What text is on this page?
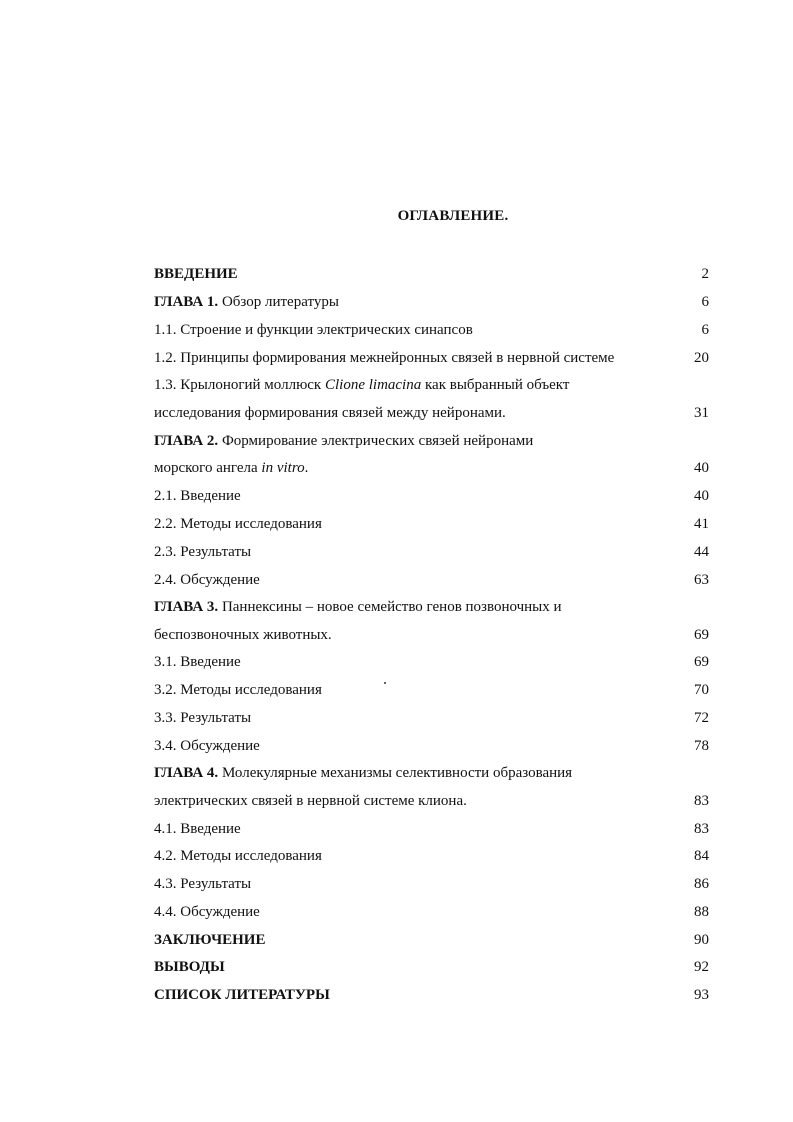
ОГЛАВЛЕНИЕ.
ВВЕДЕНИЕ	2
ГЛАВА 1. Обзор литературы	6
1.1. Строение и функции электрических синапсов	6
1.2. Принципы формирования межнейронных связей в нервной системе	20
1.3. Крылоногий моллюск Clione limacina как выбранный объект
исследования формирования связей между нейронами.	31
ГЛАВА 2. Формирование электрических связей нейронами
морского ангела in vitro.	40
2.1. Введение	40
2.2. Методы исследования	41
2.3. Результаты	44
2.4. Обсуждение	63
ГЛАВА 3. Паннексины – новое семейство генов позвоночных и
беспозвоночных животных.	69
3.1. Введение	69
3.2. Методы исследования	70
3.3. Результаты	72
3.4. Обсуждение	78
ГЛАВА 4. Молекулярные механизмы селективности образования
электрических связей в нервной системе клиона.	83
4.1. Введение	83
4.2. Методы исследования	84
4.3. Результаты	86
4.4. Обсуждение	88
ЗАКЛЮЧЕНИЕ	90
ВЫВОДЫ	92
СПИСОК ЛИТЕРАТУРЫ	93
